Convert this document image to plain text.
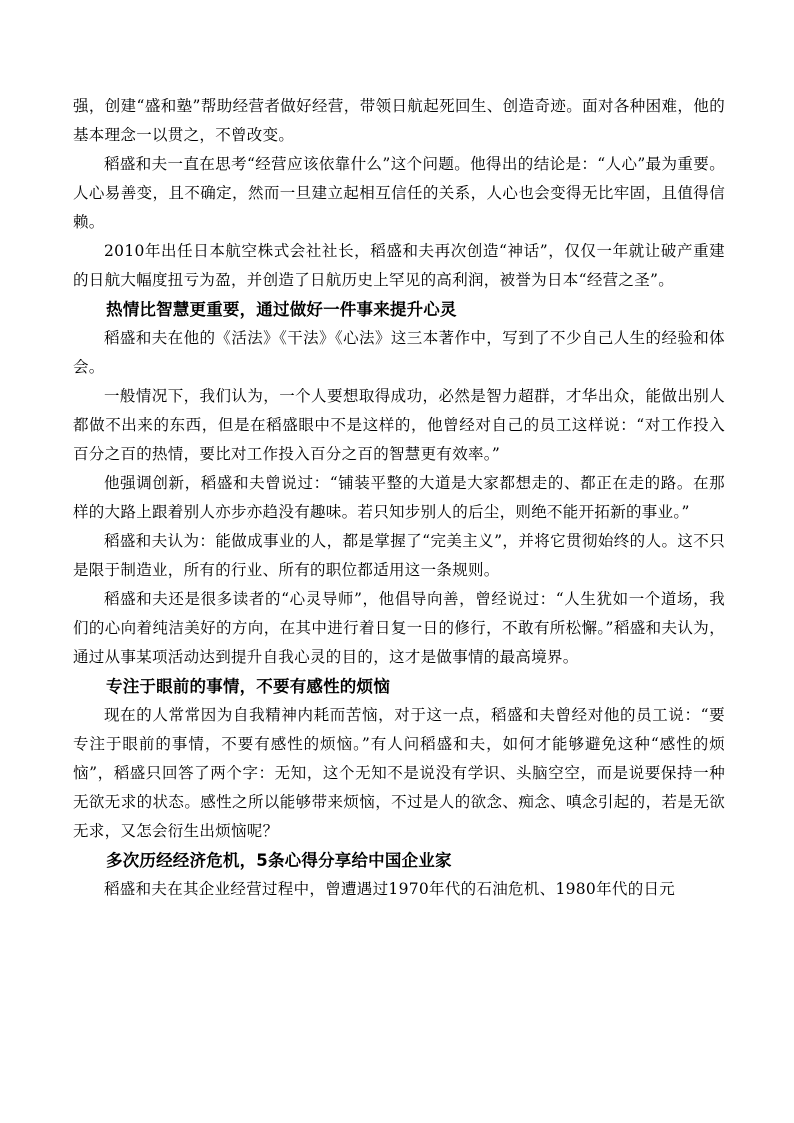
强，创建“盛和塾”帮助经营者做好经营，带领日航起死回生、创造奇迹。面对各种困难，他的基本理念一以贯之，不曾改变。

稻盛和夫一直在思考“经营应该依靠什么”这个问题。他得出的结论是：“人心”最为重要。人心易善变，且不确定，然而一旦建立起相互信任的关系，人心也会变得无比牢固，且值得信赖。

2010年出任日本航空株式会社社长，稻盛和夫再次创造“神话”，仅仅一年就让破产重建的日航大幅度扭亏为盈，并创造了日航历史上罕见的高利润，被誉为日本“经营之圣”。

热情比智慧更重要，通过做好一件事来提升心灵

稻盛和夫在他的《活法》《干法》《心法》这三本著作中，写到了不少自己人生的经验和体会。

一般情况下，我们认为，一个人要想取得成功，必然是智力超群，才华出众，能做出别人都做不出来的东西，但是在稻盛眼中不是这样的，他曾经对自己的员工这样说：“对工作投入百分之百的热情，要比对工作投入百分之百的智慧更有效率。”

他强调创新，稻盛和夫曾说过：“铺装平整的大道是大家都想走的、都正在走的路。在那样的大路上跟着别人亦步亦趋没有趣味。若只知步别人的后尘，则绝不能开拓新的事业。”

稻盛和夫认为：能做成事业的人，都是掌握了“完美主义”，并将它贯彻始终的人。这不只是限于制造业，所有的行业、所有的职位都适用这一条规则。

稻盛和夫还是很多读者的“心灵导师”，他倡导向善，曾经说过：“人生犹如一个道场，我们的心向着纯洁美好的方向，在其中进行着日复一日的修行，不敢有所松懈。”稻盛和夫认为，通过从事某项活动达到提升自我心灵的目的，这才是做事情的最高境界。

专注于眼前的事情，不要有感性的烦恼

现在的人常常因为自我精神内耗而苦恼，对于这一点，稻盛和夫曾经对他的员工说：“要专注于眼前的事情，不要有感性的烦恼。”有人问稻盛和夫，如何才能够避免这种“感性的烦恼”，稻盛只回答了两个字：无知，这个无知不是说没有学识、头脑空空，而是说要保持一种无欲无求的状态。感性之所以能够带来烦恼，不过是人的欲念、痴念、嗔念引起的，若是无欲无求，又怎会衍生出烦恼呢？

多次历经经济危机，5条心得分享给中国企业家

稻盛和夫在其企业经营过程中，曾遭遇过1970年代的石油危机、1980年代的日元
